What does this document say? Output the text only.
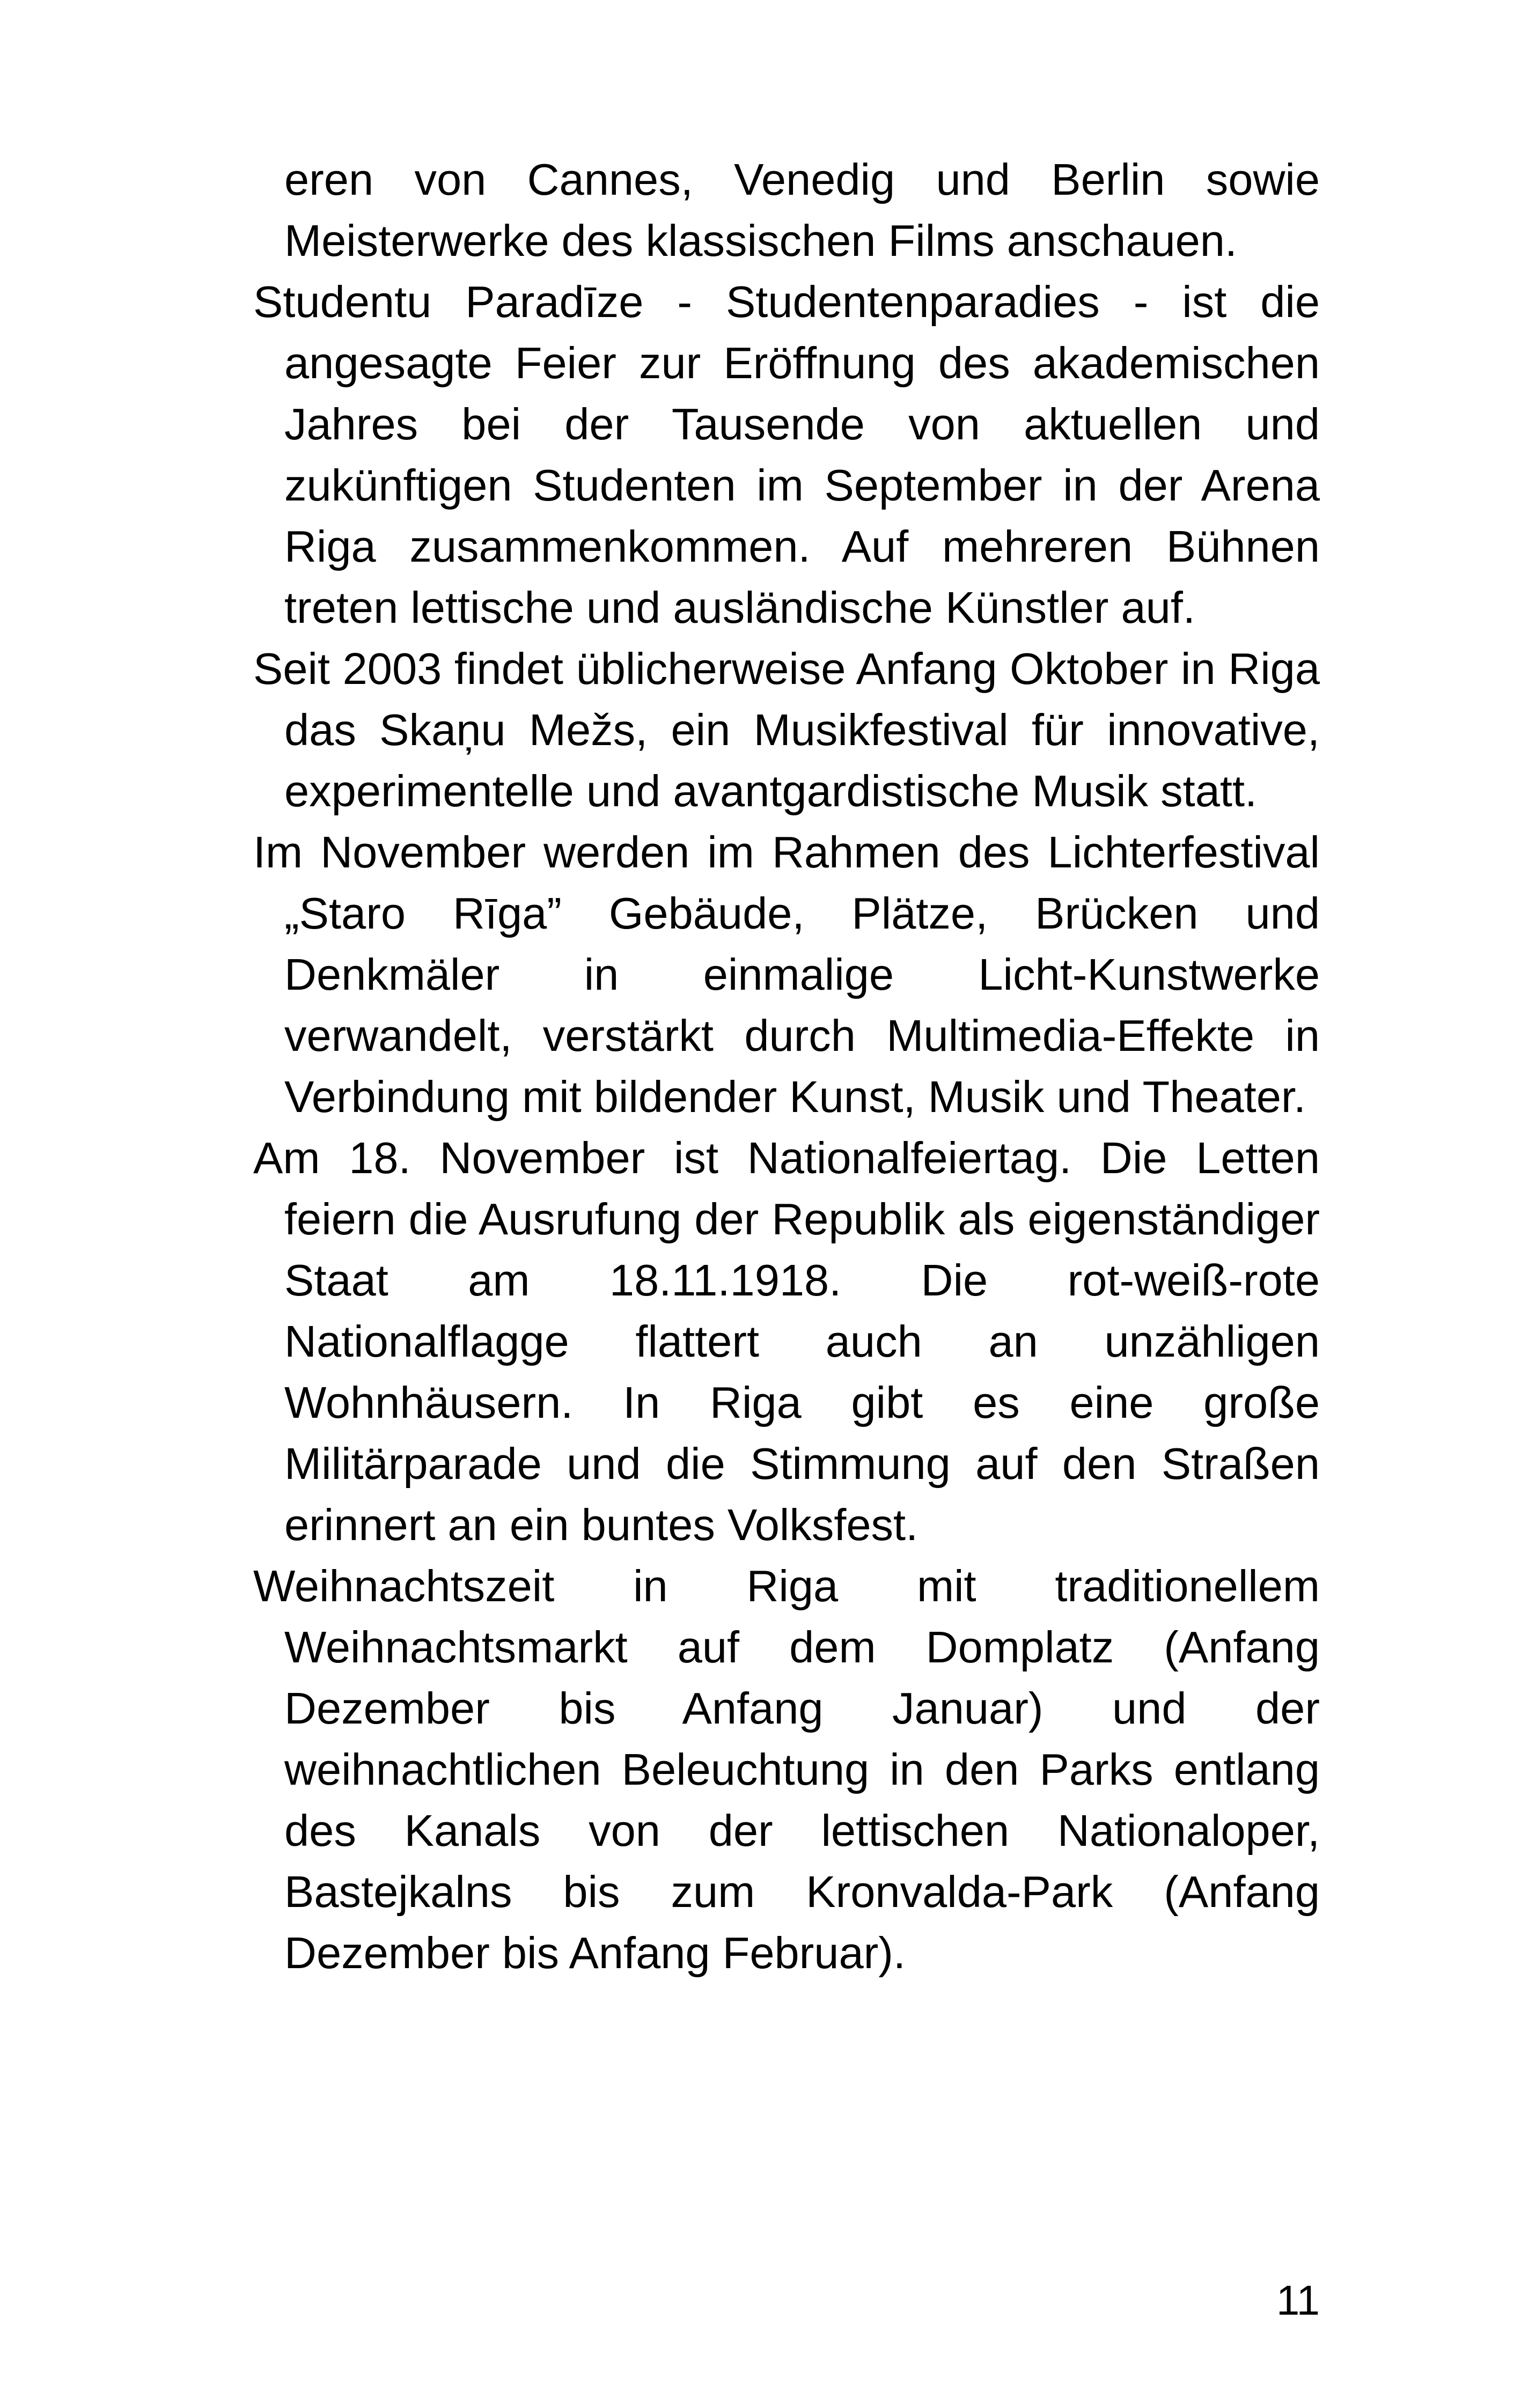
eren von Cannes, Venedig und Berlin sowie Meisterwerke des klassischen Films anschauen.

Studentu Paradīze - Studentenparadies - ist die angesagte Feier zur Eröffnung des akademischen Jahres bei der Tausende von aktuellen und zukünftigen Studenten im September in der Arena Riga zusammenkommen. Auf mehreren Bühnen treten lettische und ausländische Künstler auf.

Seit 2003 findet üblicherweise Anfang Oktober in Riga das Skaņu Mežs, ein Musikfestival für innovative, experimentelle und avantgardistische Musik statt.

Im November werden im Rahmen des Lichterfestival „Staro Rīga” Gebäude, Plätze, Brücken und Denkmäler in einmalige Licht-Kunstwerke verwandelt, verstärkt durch Multimedia-Effekte in Verbindung mit bildender Kunst, Musik und Theater.

Am 18. November ist Nationalfeiertag. Die Letten feiern die Ausrufung der Republik als eigenständiger Staat am 18.11.1918. Die rot-weiß-rote Nationalflagge flattert auch an unzähligen Wohnhäusern. In Riga gibt es eine große Militärparade und die Stimmung auf den Straßen erinnert an ein buntes Volksfest.

Weihnachtszeit in Riga mit traditionellem Weihnachtsmarkt auf dem Domplatz (Anfang Dezember bis Anfang Januar) und der weihnachtlichen Beleuchtung in den Parks entlang des Kanals von der lettischen Nationaloper, Bastejkalns bis zum Kronvalda-Park (Anfang Dezember bis Anfang Februar).

11
